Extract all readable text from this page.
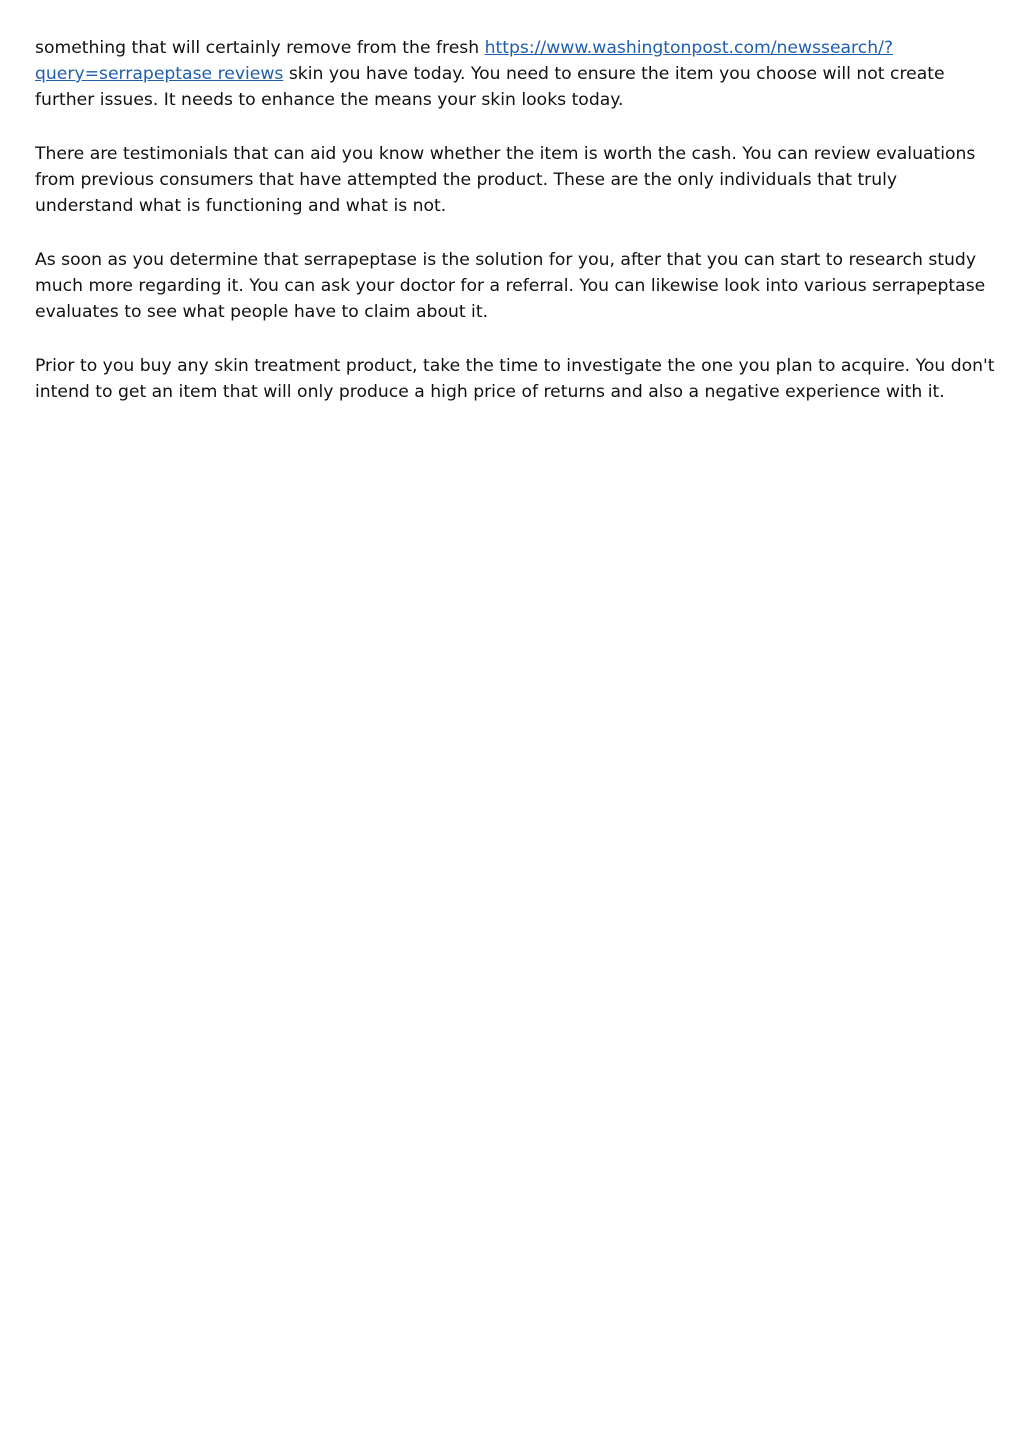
something that will certainly remove from the fresh https://www.washingtonpost.com/newssearch/?query=serrapeptase reviews skin you have today. You need to ensure the item you choose will not create further issues. It needs to enhance the means your skin looks today.

There are testimonials that can aid you know whether the item is worth the cash. You can review evaluations from previous consumers that have attempted the product. These are the only individuals that truly understand what is functioning and what is not.

As soon as you determine that serrapeptase is the solution for you, after that you can start to research study much more regarding it. You can ask your doctor for a referral. You can likewise look into various serrapeptase evaluates to see what people have to claim about it.

Prior to you buy any skin treatment product, take the time to investigate the one you plan to acquire. You don't intend to get an item that will only produce a high price of returns and also a negative experience with it.
